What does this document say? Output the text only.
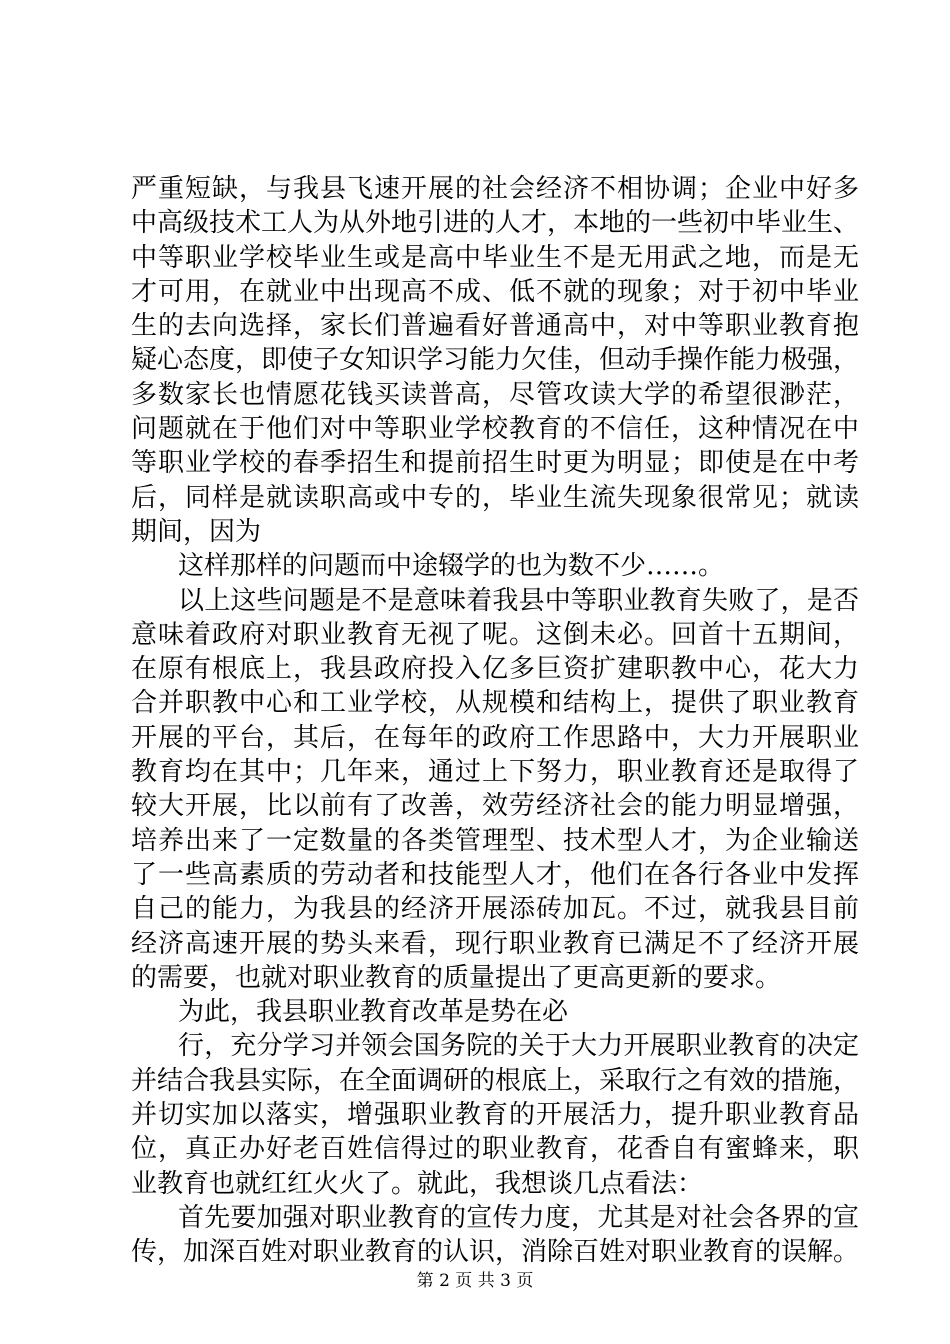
严重短缺，与我县飞速开展的社会经济不相协调；企业中好多
中高级技术工人为从外地引进的人才，本地的一些初中毕业生、
中等职业学校毕业生或是高中毕业生不是无用武之地，而是无
才可用，在就业中出现高不成、低不就的现象；对于初中毕业
生的去向选择，家长们普遍看好普通高中，对中等职业教育抱
疑心态度，即使子女知识学习能力欠佳，但动手操作能力极强，
多数家长也情愿花钱买读普高，尽管攻读大学的希望很渺茫，
问题就在于他们对中等职业学校教育的不信任，这种情况在中
等职业学校的春季招生和提前招生时更为明显；即使是在中考
后，同样是就读职高或中专的，毕业生流失现象很常见；就读
期间，因为
这样那样的问题而中途辍学的也为数不少……。
以上这些问题是不是意味着我县中等职业教育失败了，是否
意味着政府对职业教育无视了呢。这倒未必。回首十五期间，
在原有根底上，我县政府投入亿多巨资扩建职教中心，花大力
合并职教中心和工业学校，从规模和结构上，提供了职业教育
开展的平台，其后，在每年的政府工作思路中，大力开展职业
教育均在其中；几年来，通过上下努力，职业教育还是取得了
较大开展，比以前有了改善，效劳经济社会的能力明显增强，
培养出来了一定数量的各类管理型、技术型人才，为企业输送
了一些高素质的劳动者和技能型人才，他们在各行各业中发挥
自己的能力，为我县的经济开展添砖加瓦。不过，就我县目前
经济高速开展的势头来看，现行职业教育已满足不了经济开展
的需要，也就对职业教育的质量提出了更高更新的要求。
为此，我县职业教育改革是势在必
行，充分学习并领会国务院的关于大力开展职业教育的决定
并结合我县实际，在全面调研的根底上，采取行之有效的措施，
并切实加以落实，增强职业教育的开展活力，提升职业教育品
位，真正办好老百姓信得过的职业教育，花香自有蜜蜂来，职
业教育也就红红火火了。就此，我想谈几点看法：
首先要加强对职业教育的宣传力度，尤其是对社会各界的宣
传，加深百姓对职业教育的认识，消除百姓对职业教育的误解。
第 2 页 共 3 页
